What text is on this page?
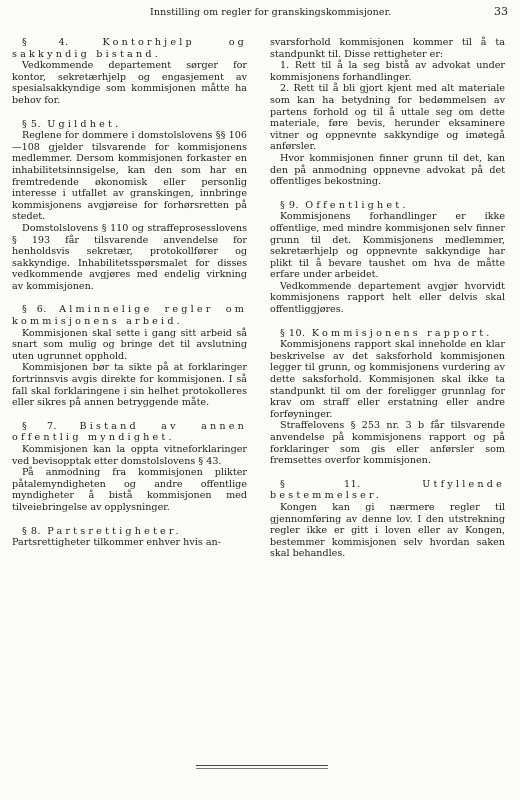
Innstilling om regler for granskingskommisjoner.	33

§ 4.	Kontorhjelp og sakkyndig bistand.

Vedkommende departement sørger for kontor, sekretærhjelp og engasjement av spesialsakkyndige som kommisjonen måtte ha behov for.

§ 5. Ugildhet.

Reglene for dommere i domstolslovens §§ 106—108 gjelder tilsvarende for kommisjonens medlemmer. Dersom kommisjonen forkaster en inhabilitetsinnsigelse, kan den som har en fremtredende økonomisk eller personlig interesse i utfallet av granskingen, innbringe kommisjonens avgjøreise for forhørsretten på stedet.

Domstolslovens § 110 og straffeprosesslovens § 193 får tilsvarende anvendelse for henholdsvis sekretær, protokollfører og sakkyndige. Inhabilitetsspørsmalet for disses vedkommende avgjøres med endelig virkning av kommisjonen.

§ 6. Alminnelige regler om kommisjonens arbeid.

Kommisjonen skal sette i gang sitt arbeid så snart som mulig og bringe det til avslutning uten ugrunnet opphold.

Kommisjonen bør ta sikte på at forklaringer fortrinnsvis avgis direkte for kommisjonen. I så fall skal forklaringene i sin helhet protokolleres eller sikres på annen betryggende måte.

§ 7. Bistand av annen offentlig myndighet.

Kommisjonen kan la oppta vitneforklaringer ved bevisopptak etter domstolslovens § 43.

På anmodning fra kommisjonen plikter påtalemyndigheten og andre offentlige myndigheter å bistå kommisjonen med tilveiebringelse av opplysninger.

§ 8. Partsrettigheter.

Partsrettigheter tilkommer enhver hvis an-

svarsforhold kommisjonen kommer til å ta standpunkt til. Disse rettigheter er:

1. Rett til å la seg bistå av advokat under kommisjonens forhandlinger.

2. Rett til å bli gjort kjent med alt materiale som kan ha betydning for bedømmelsen av partens forhold og til å uttale seg om dette materiale, føre bevis, herunder eksaminere vitner og oppnevnte sakkyndige og imøtegå anførsler.

Hvor kommisjonen finner grunn til det, kan den på anmodning oppnevne advokat på det offentliges bekostning.

§ 9. Offentlighet.

Kommisjonens forhandlinger er ikke offentlige, med mindre kommisjonen selv finner grunn til det. Kommisjonens medlemmer, sekretærhjelp og oppnevnte sakkyndige har plikt til å bevare taushet om hva de måtte erfare under arbeidet.

Vedkommende departement avgjør hvorvidt kommisjonens rapport helt eller delvis skal offentliggjøres.

§ 10. Kommisjonens rapport.

Kommisjonens rapport skal inneholde en klar beskrivelse av det saksforhold kommisjonen legger til grunn, og kommisjonens vurdering av dette saksforhold. Kommisjonen skal ikke ta standpunkt til om der foreligger grunnlag for krav om straff eller erstatning eller andre forføyninger.

Straffelovens § 253 nr. 3 b får tilsvarende anvendelse på kommisjonens rapport og på forklaringer som gis eller anførsler som fremsettes overfor kommisjonen.

§ 11.	Utfyllende bestemmelser.

Kongen kan gi nærmere regler til gjennomføring av denne lov. I den utstrekning regler ikke er gitt i loven eller av Kongen, bestemmer kommisjonen selv hvordan saken skal behandles.
